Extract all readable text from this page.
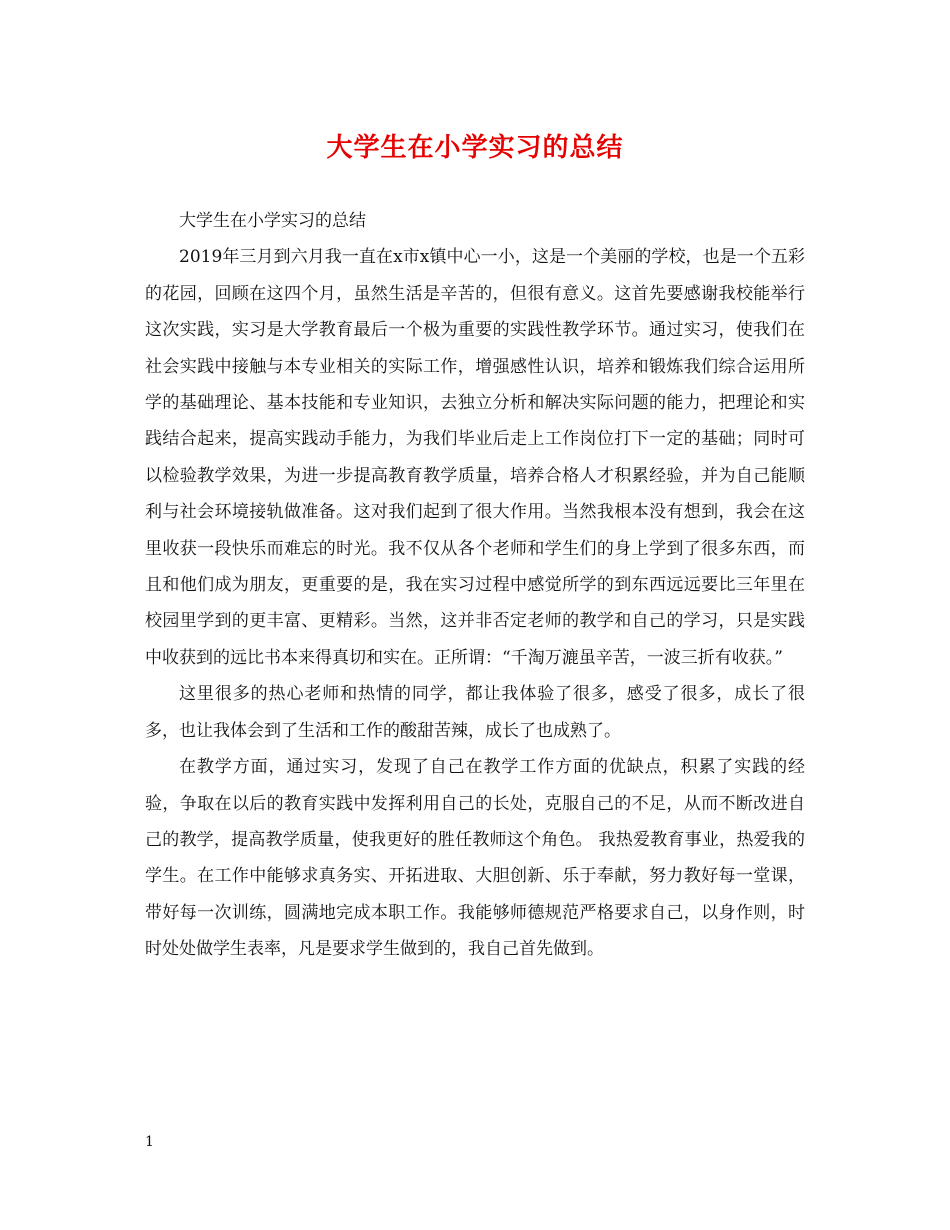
大学生在小学实习的总结

大学生在小学实习的总结

2019年三月到六月我一直在x市x镇中心一小，这是一个美丽的学校，也是一个五彩的花园，回顾在这四个月，虽然生活是辛苦的，但很有意义。这首先要感谢我校能举行这次实践，实习是大学教育最后一个极为重要的实践性教学环节。通过实习，使我们在社会实践中接触与本专业相关的实际工作，增强感性认识，培养和锻炼我们综合运用所学的基础理论、基本技能和专业知识，去独立分析和解决实际问题的能力，把理论和实践结合起来，提高实践动手能力，为我们毕业后走上工作岗位打下一定的基础；同时可以检验教学效果，为进一步提高教育教学质量，培养合格人才积累经验，并为自己能顺利与社会环境接轨做准备。这对我们起到了很大作用。当然我根本没有想到，我会在这里收获一段快乐而难忘的时光。我不仅从各个老师和学生们的身上学到了很多东西，而且和他们成为朋友，更重要的是，我在实习过程中感觉所学的到东西远远要比三年里在校园里学到的更丰富、更精彩。当然，这并非否定老师的教学和自己的学习，只是实践中收获到的远比书本来得真切和实在。正所谓：“千淘万漉虽辛苦，一波三折有收获。”

这里很多的热心老师和热情的同学，都让我体验了很多，感受了很多，成长了很多，也让我体会到了生活和工作的酸甜苦辣，成长了也成熟了。

在教学方面，通过实习，发现了自己在教学工作方面的优缺点，积累了实践的经验，争取在以后的教育实践中发挥利用自己的长处，克服自己的不足，从而不断改进自己的教学，提高教学质量，使我更好的胜任教师这个角色。 我热爱教育事业，热爱我的学生。在工作中能够求真务实、开拓进取、大胆创新、乐于奉献，努力教好每一堂课，带好每一次训练，圆满地完成本职工作。我能够师德规范严格要求自己，以身作则，时时处处做学生表率，凡是要求学生做到的，我自己首先做到。

1
